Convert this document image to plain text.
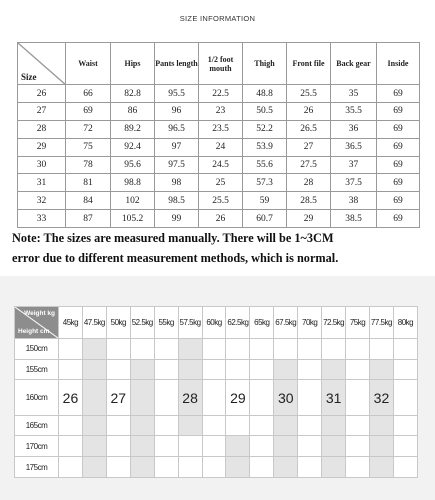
SIZE INFORMATION
Size	Waist	Hips	Pants length	1/2 foot mouth	Thigh	Front file	Back gear	Inside
26	66	82.8	95.5	22.5	48.8	25.5	35	69
27	69	86	96	23	50.5	26	35.5	69
28	72	89.2	96.5	23.5	52.2	26.5	36	69
29	75	92.4	97	24	53.9	27	36.5	69
30	78	95.6	97.5	24.5	55.6	27.5	37	69
31	81	98.8	98	25	57.3	28	37.5	69
32	84	102	98.5	25.5	59	28.5	38	69
33	87	105.2	99	26	60.7	29	38.5	69
Note: The sizes are measured manually. There will be 1~3CM
error due to different measurement methods, which is normal.
Weight kg
Height cm	45kg	47.5kg	50kg	52.5kg	55kg	57.5kg	60kg	62.5kg	65kg	67.5kg	70kg	72.5kg	75kg	77.5kg	80kg
150cm															
155cm															
160cm	26		27			28		29		30		31		32	
165cm															
170cm															
175cm															
